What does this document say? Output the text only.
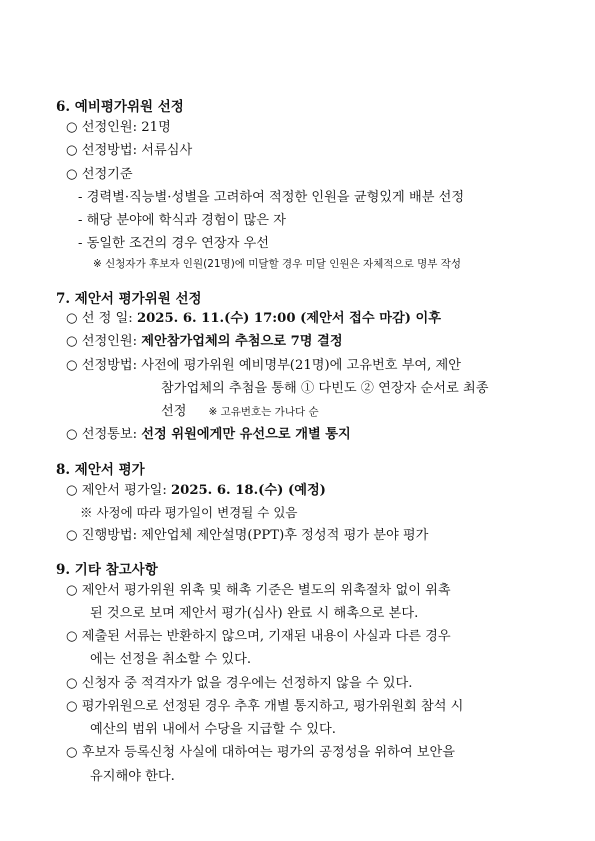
6. 예비평가위원 선정
○ 선정인원: 21명
○ 선정방법: 서류심사
○ 선정기준
- 경력별·직능별·성별을 고려하여 적정한 인원을 균형있게 배분 선정
- 해당 분야에 학식과 경험이 많은 자
- 동일한 조건의 경우 연장자 우선
※ 신청자가 후보자 인원(21명)에 미달할 경우 미달 인원은 자체적으로 명부 작성
7. 제안서 평가위원 선정
○ 선 정 일: 2025. 6. 11.(수) 17:00 (제안서 접수 마감) 이후
○ 선정인원: 제안참가업체의 추첨으로 7명 결정
○ 선정방법: 사전에 평가위원 예비명부(21명)에 고유번호 부여, 제안
참가업체의 추첨을 통해 ① 다빈도 ② 연장자 순서로 최종
선정 ※ 고유번호는 가나다 순
○ 선정통보: 선정 위원에게만 유선으로 개별 통지
8. 제안서 평가
○ 제안서 평가일: 2025. 6. 18.(수) (예정)
※ 사정에 따라 평가일이 변경될 수 있음
○ 진행방법: 제안업체 제안설명(PPT)후 정성적 평가 분야 평가
9. 기타 참고사항
○ 제안서 평가위원 위촉 및 해촉 기준은 별도의 위촉절차 없이 위촉
된 것으로 보며 제안서 평가(심사) 완료 시 해촉으로 본다.
○ 제출된 서류는 반환하지 않으며, 기재된 내용이 사실과 다른 경우
에는 선정을 취소할 수 있다.
○ 신청자 중 적격자가 없을 경우에는 선정하지 않을 수 있다.
○ 평가위원으로 선정된 경우 추후 개별 통지하고, 평가위원회 참석 시
예산의 범위 내에서 수당을 지급할 수 있다.
○ 후보자 등록신청 사실에 대하여는 평가의 공정성을 위하여 보안을
유지해야 한다.
